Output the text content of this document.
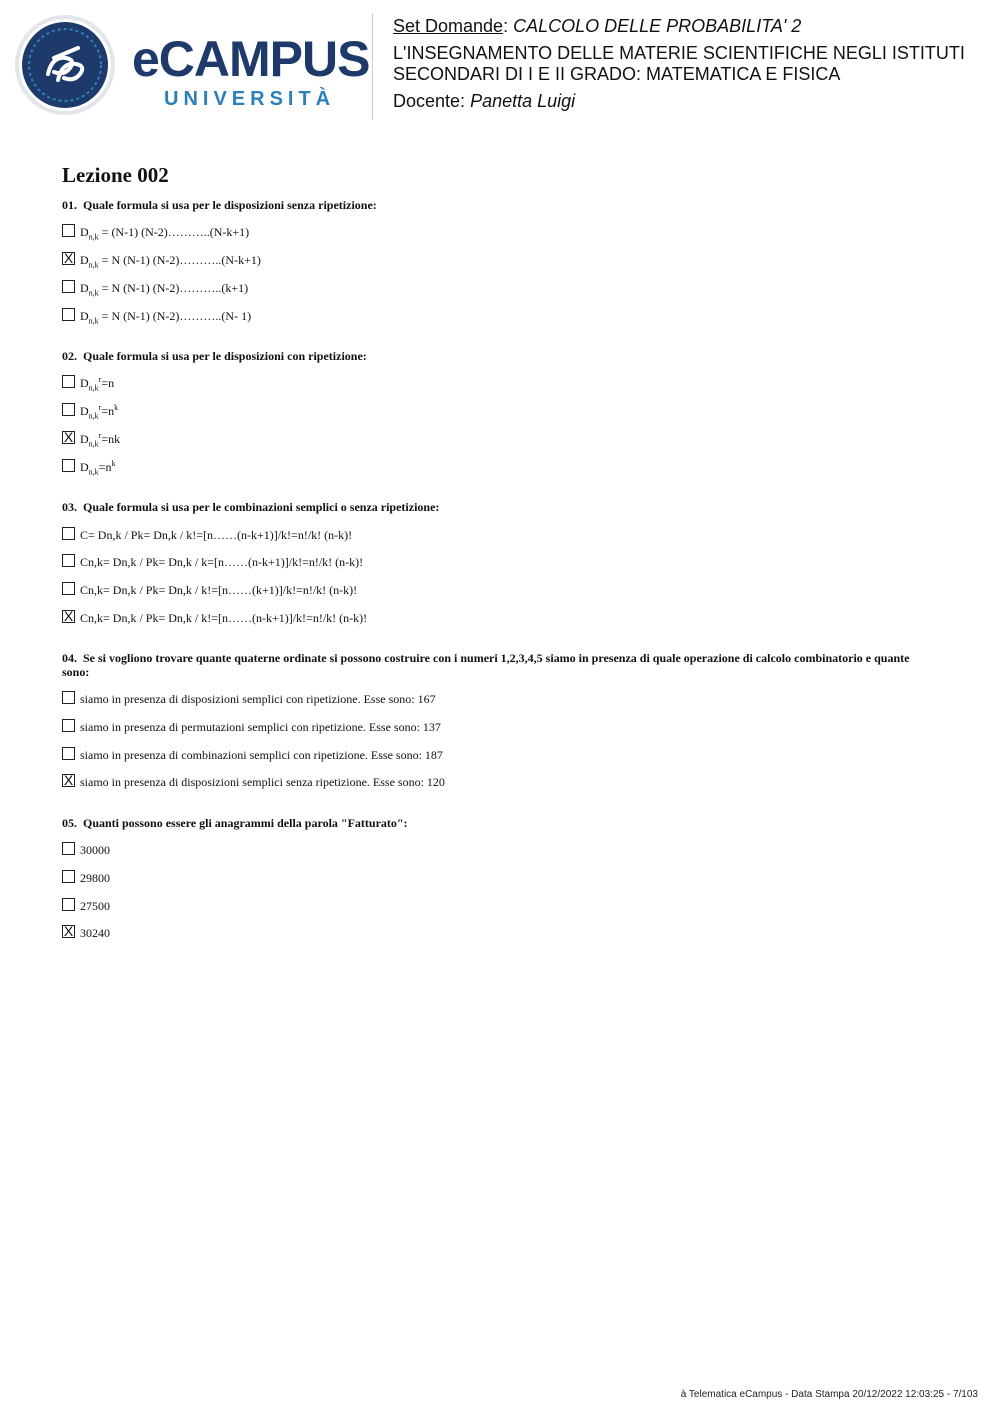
eCAMPUS
UNIVERSITÀ
Set Domande: CALCOLO DELLE PROBABILITA' 2
L'INSEGNAMENTO DELLE MATERIE SCIENTIFICHE NEGLI ISTITUTI
SECONDARI DI I E II GRADO: MATEMATICA E FISICA
Docente: Panetta Luigi
Lezione 002
01. Quale formula si usa per le disposizioni senza ripetizione:
$D_{n,k} = (N-1)$ (N-2)………..(N-k+1)
X $D_{n,k} = N$ (N-1) (N-2)………..(N-k+1)
$D_{n,k} = N$ (N-1) (N-2)………..(k+1)
$D_{n,k} = N$ (N-1) (N-2)………..(N- 1)
02. Quale formula si usa per le disposizioni con ripetizione:
$D_{n,k}^r=n$
$D_{n,k}^r=n^k$
X $D_{n,k}^r=nk$
$D_{n,k}=n^k$
03. Quale formula si usa per le combinazioni semplici o senza ripetizione:
C= Dn,k / Pk= Dn,k / k!=[n……(n-k+1)]/k!=n!/k! (n-k)!
Cn,k= Dn,k / Pk= Dn,k / k=[n……(n-k+1)]/k!=n!/k! (n-k)!
Cn,k= Dn,k / Pk= Dn,k / k!=[n……(k+1)]/k!=n!/k! (n-k)!
X Cn,k= Dn,k / Pk= Dn,k / k!=[n……(n-k+1)]/k!=n!/k! (n-k)!
04. Se si vogliono trovare quante quaterne ordinate si possono costruire con i numeri 1,2,3,4,5 siamo in presenza di quale operazione di calcolo combinatorio e quante sono:
siamo in presenza di disposizioni semplici con ripetizione. Esse sono: 167
siamo in presenza di permutazioni semplici con ripetizione. Esse sono: 137
siamo in presenza di combinazioni semplici con ripetizione. Esse sono: 187
X siamo in presenza di disposizioni semplici senza ripetizione. Esse sono: 120
05. Quanti possono essere gli anagrammi della parola "Fatturato":
30000
29800
27500
X 30240
à Telematica eCampus - Data Stampa 20/12/2022 12:03:25 - 7/103
